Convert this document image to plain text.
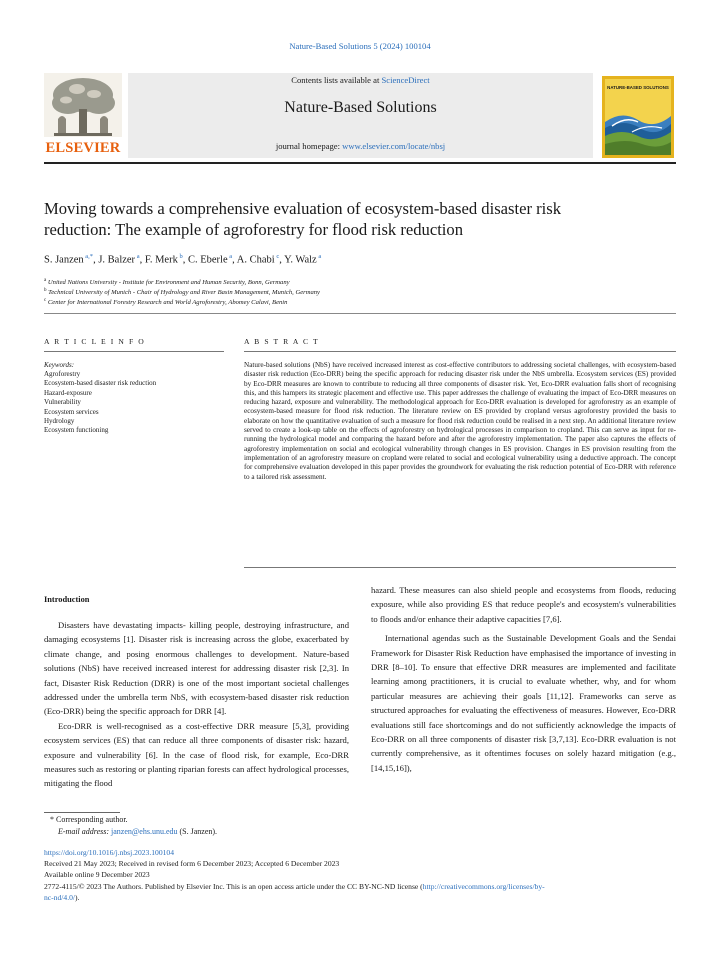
Nature-Based Solutions 5 (2024) 100104
Contents lists available at ScienceDirect
Nature-Based Solutions
journal homepage: www.elsevier.com/locate/nbsj
ELSEVIER
NATURE-BASED SOLUTIONS
Moving towards a comprehensive evaluation of ecosystem-based disaster risk reduction: The example of agroforestry for flood risk reduction
S. Janzen $^{a,*}$, J. Balzer $^a$, F. Merk $^b$, C. Eberle $^a$, A. Chabi $^c$, Y. Walz $^a$
$^a$ United Nations University - Institute for Environment and Human Security, Bonn, Germany
$^b$ Technical University of Munich - Chair of Hydrology and River Basin Management, Munich, Germany
$^c$ Center for International Forestry Research and World Agroforestry, Abomey Calavi, Benin
A R T I C L E I N F O
Keywords:
Agroforestry
Ecosystem-based disaster risk reduction
Hazard-exposure
Vulnerability
Ecosystem services
Hydrology
Ecosystem functioning
A B S T R A C T
Nature-based solutions (NbS) have received increased interest as cost-effective contributors to addressing societal challenges, with ecosystem-based disaster risk reduction (Eco-DRR) being the specific approach for reducing disaster risk under the NbS umbrella. Ecosystem services (ES) provided by Eco-DRR measures are known to contribute to reducing all three components of disaster risk. Yet, Eco-DRR evaluation falls short of recognising this, and this hampers its strategic placement and effective use. This paper addresses the challenge of evaluating the impact of Eco-DRR measures on reducing hazard, exposure and vulnerability. The methodological approach for Eco-DRR evaluation is developed for agroforestry as an example of ecosystem-based measure for flood risk reduction. The literature review on ES provided by cropland versus agroforestry provided the basis to elaborate on how the quantitative evaluation of such a measure for flood risk reduction could be realised in a next step. An additional literature review served to create a look-up table on the effects of agroforestry on hydrological processes in comparison to cropland. This can serve as input for re-running the hydrological model and comparing the hazard before and after the agroforestry implementation. The paper also captures the effects of agroforestry implementation on social and ecological vulnerability through changes in ES provision. Changes in ES provision resulting from the implementation of an agroforestry measure on cropland were related to social and ecological vulnerability using a deductive approach. The concept for comprehensive evaluation developed in this paper provides the groundwork for evaluating the risk reduction potential of Eco-DRR with reference to a tailored risk assessment.
Introduction

Disasters have devastating impacts- killing people, destroying infrastructure, and damaging ecosystems [1]. Disaster risk is increasing across the globe, exacerbated by climate change, and posing enormous challenges to development. Nature-based solutions (NbS) have received increased interest for addressing disaster risk [2,3]. In fact, Disaster Risk Reduction (DRR) is one of the most important societal challenges addressed under the umbrella term NbS, with ecosystem-based disaster risk reduction (Eco-DRR) being the specific approach for DRR [4].

Eco-DRR is well-recognised as a cost-effective DRR measure [5,3], providing ecosystem services (ES) that can reduce all three components of disaster risk: hazard, exposure and vulnerability [6]. In the case of flood risk, for example, Eco-DRR measures such as restoring or planting riparian forests can affect hydrological processes, mitigating the flood

hazard. These measures can also shield people and ecosystems from floods, reducing exposure, while also providing ES that reduce people's and ecosystem's vulnerabilities to floods and/or enhance their adaptive capacities [7,6].

International agendas such as the Sustainable Development Goals and the Sendai Framework for Disaster Risk Reduction have emphasised the importance of investing in DRR [8–10]. To ensure that effective DRR measures are implemented and facilitate learning among practitioners, it is crucial to evaluate whether, why, and for whom particular measures are achieving their goals [11,12]. Frameworks can serve as structured approaches for evaluating the effectiveness of measures. However, Eco-DRR evaluations still face shortcomings and do not sufficiently acknowledge the impacts of Eco-DRR on all three components of disaster risk [3,7,13]. Eco-DRR evaluation is not currently comprehensive, as it oftentimes focuses on solely hazard mitigation (e.g., [14,15,16]),

* Corresponding author.
E-mail address: janzen@ehs.unu.edu (S. Janzen).
https://doi.org/10.1016/j.nbsj.2023.100104
Received 21 May 2023; Received in revised form 6 December 2023; Accepted 6 December 2023
Available online 9 December 2023
2772-4115/© 2023 The Authors. Published by Elsevier Inc. This is an open access article under the CC BY-NC-ND license (http://creativecommons.org/licenses/by-
nc-nd/4.0/).
